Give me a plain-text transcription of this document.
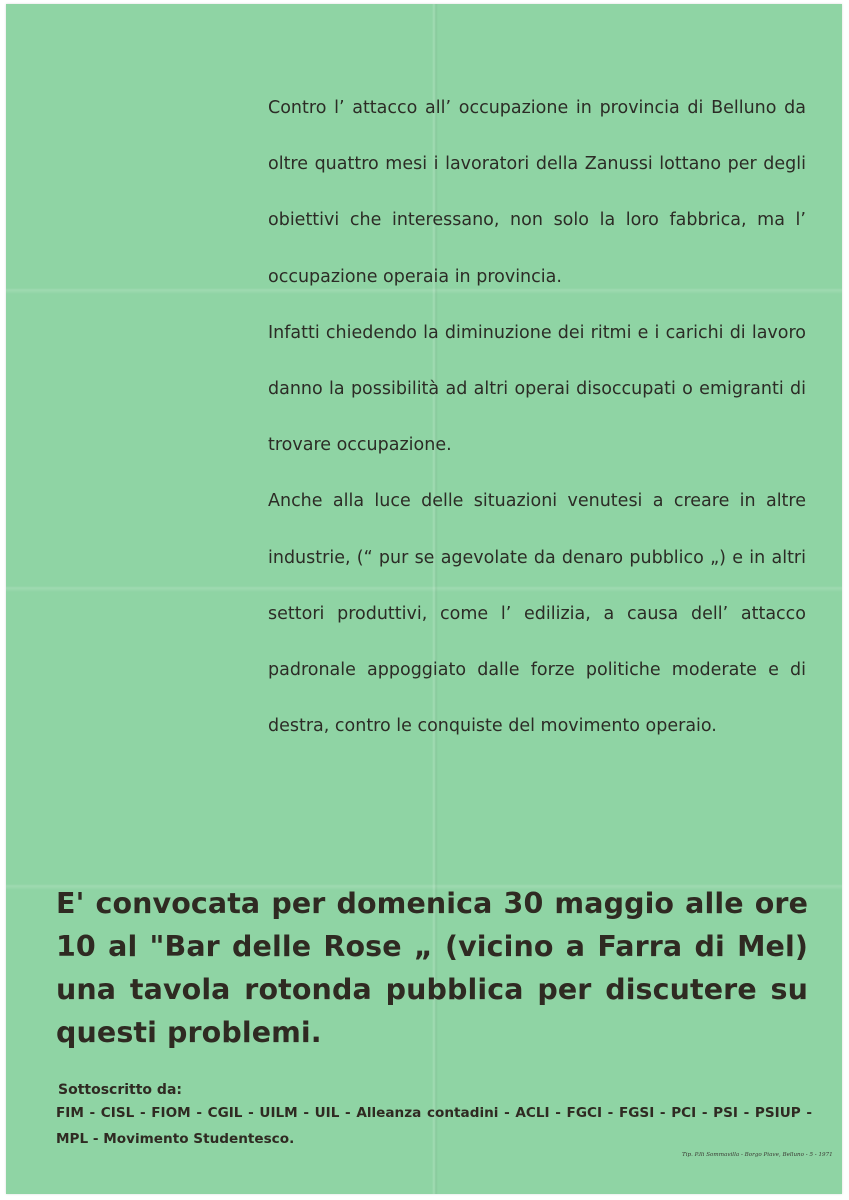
Contro l’ attacco all’ occupazione in provincia di Belluno da oltre quattro mesi i lavoratori della Zanussi lottano per degli obiettivi che interessano, non solo la loro fabbrica, ma l’ occupazione operaia in provincia.

Infatti chiedendo la diminuzione dei ritmi e i carichi di lavoro danno la possibilità ad altri operai disoccupati o emigranti di trovare occupazione.

Anche alla luce delle situazioni venutesi a creare in altre industrie, (“ pur se agevolate da denaro pubblico „) e in altri settori produttivi, come l’ edilizia, a causa dell’ attacco padronale appoggiato dalle forze politiche moderate e di destra, contro le conquiste del movimento operaio.

E' convocata per domenica 30 maggio alle ore 10 al "Bar delle Rose „ (vicino a Farra di Mel) una tavola rotonda pubblica per discutere su questi problemi.

Sottoscritto da:

FIM - CISL - FIOM - CGIL - UILM - UIL - Alleanza contadini - ACLI - FGCI - FGSI - PCI - PSI - PSIUP - MPL - Movimento Studentesco.

Tip. P.lli Sommavilla - Borgo Piave, Belluno - 5 - 1971
